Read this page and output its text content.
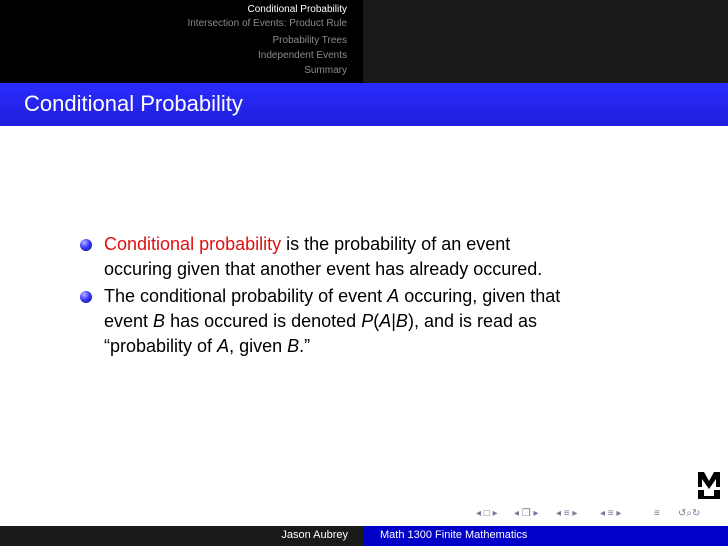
Conditional Probability
Intersection of Events: Product Rule
Probability Trees
Independent Events
Summary
Conditional Probability
Conditional probability is the probability of an event
occuring given that another event has already occured.
The conditional probability of event A occuring, given that
event B has occured is denoted P(A|B), and is read as
“probability of A, given B.”
◂ □ ▸ ◂ ❐ ▸ ◂ ≡ ▸ ◂ ≡ ▸	≡ ↺⌕↻
Jason Aubrey	Math 1300 Finite Mathematics
